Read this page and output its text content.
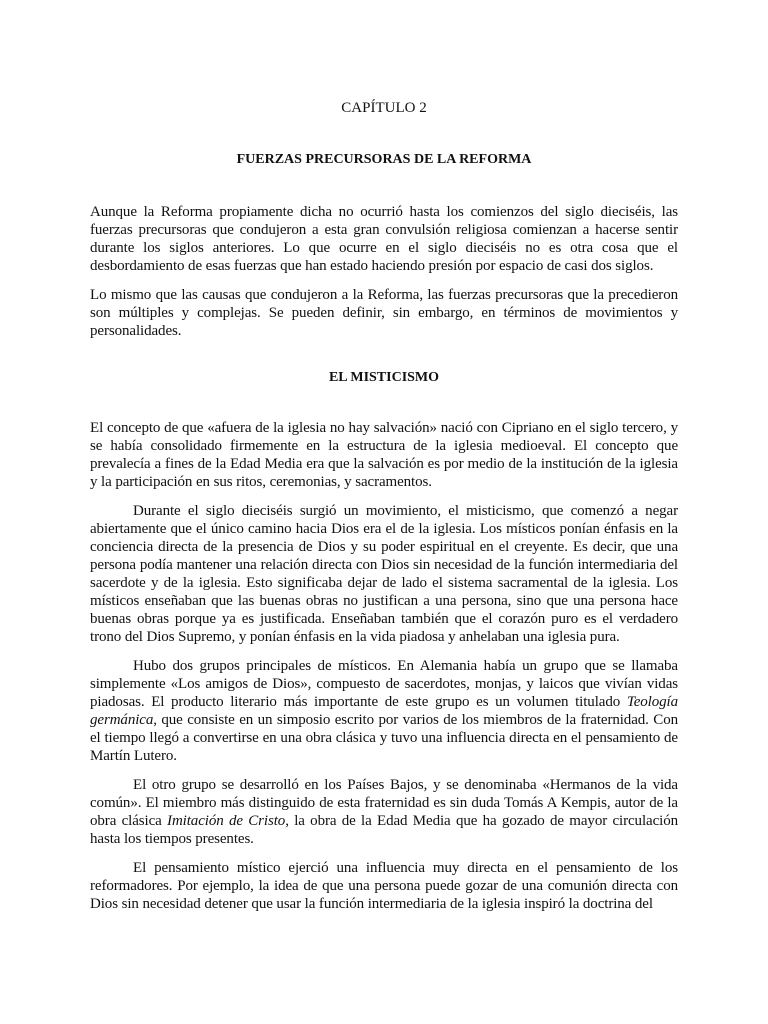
CAPÍTULO 2

FUERZAS PRECURSORAS DE LA REFORMA

Aunque la Reforma propiamente dicha no ocurrió hasta los comienzos del siglo dieciséis, las fuerzas precursoras que condujeron a esta gran convulsión religiosa comienzan a hacerse sentir durante los siglos anteriores. Lo que ocurre en el siglo dieciséis no es otra cosa que el desbordamiento de esas fuerzas que han estado haciendo presión por espacio de casi dos siglos.

Lo mismo que las causas que condujeron a la Reforma, las fuerzas precursoras que la precedieron son múltiples y complejas. Se pueden definir, sin embargo, en términos de movimientos y personalidades.

EL MISTICISMO

El concepto de que «afuera de la iglesia no hay salvación» nació con Cipriano en el siglo tercero, y se había consolidado firmemente en la estructura de la iglesia medioeval. El concepto que prevalecía a fines de la Edad Media era que la salvación es por medio de la institución de la iglesia y la participación en sus ritos, ceremonias, y sacramentos.

Durante el siglo dieciséis surgió un movimiento, el misticismo, que comenzó a negar abiertamente que el único camino hacia Dios era el de la iglesia. Los místicos ponían énfasis en la conciencia directa de la presencia de Dios y su poder espiritual en el creyente. Es decir, que una persona podía mantener una relación directa con Dios sin necesidad de la función intermediaria del sacerdote y de la iglesia. Esto significaba dejar de lado el sistema sacramental de la iglesia. Los místicos enseñaban que las buenas obras no justifican a una persona, sino que una persona hace buenas obras porque ya es justificada. Enseñaban también que el corazón puro es el verdadero trono del Dios Supremo, y ponían énfasis en la vida piadosa y anhelaban una iglesia pura.

Hubo dos grupos principales de místicos. En Alemania había un grupo que se llamaba simplemente «Los amigos de Dios», compuesto de sacerdotes, monjas, y laicos que vivían vidas piadosas. El producto literario más importante de este grupo es un volumen titulado Teología germánica, que consiste en un simposio escrito por varios de los miembros de la fraternidad. Con el tiempo llegó a convertirse en una obra clásica y tuvo una influencia directa en el pensamiento de Martín Lutero.

El otro grupo se desarrolló en los Países Bajos, y se denominaba «Hermanos de la vida común». El miembro más distinguido de esta fraternidad es sin duda Tomás A Kempis, autor de la obra clásica Imitación de Cristo, la obra de la Edad Media que ha gozado de mayor circulación hasta los tiempos presentes.

El pensamiento místico ejerció una influencia muy directa en el pensamiento de los reformadores. Por ejemplo, la idea de que una persona puede gozar de una comunión directa con Dios sin necesidad detener que usar la función intermediaria de la iglesia inspiró la doctrina del
